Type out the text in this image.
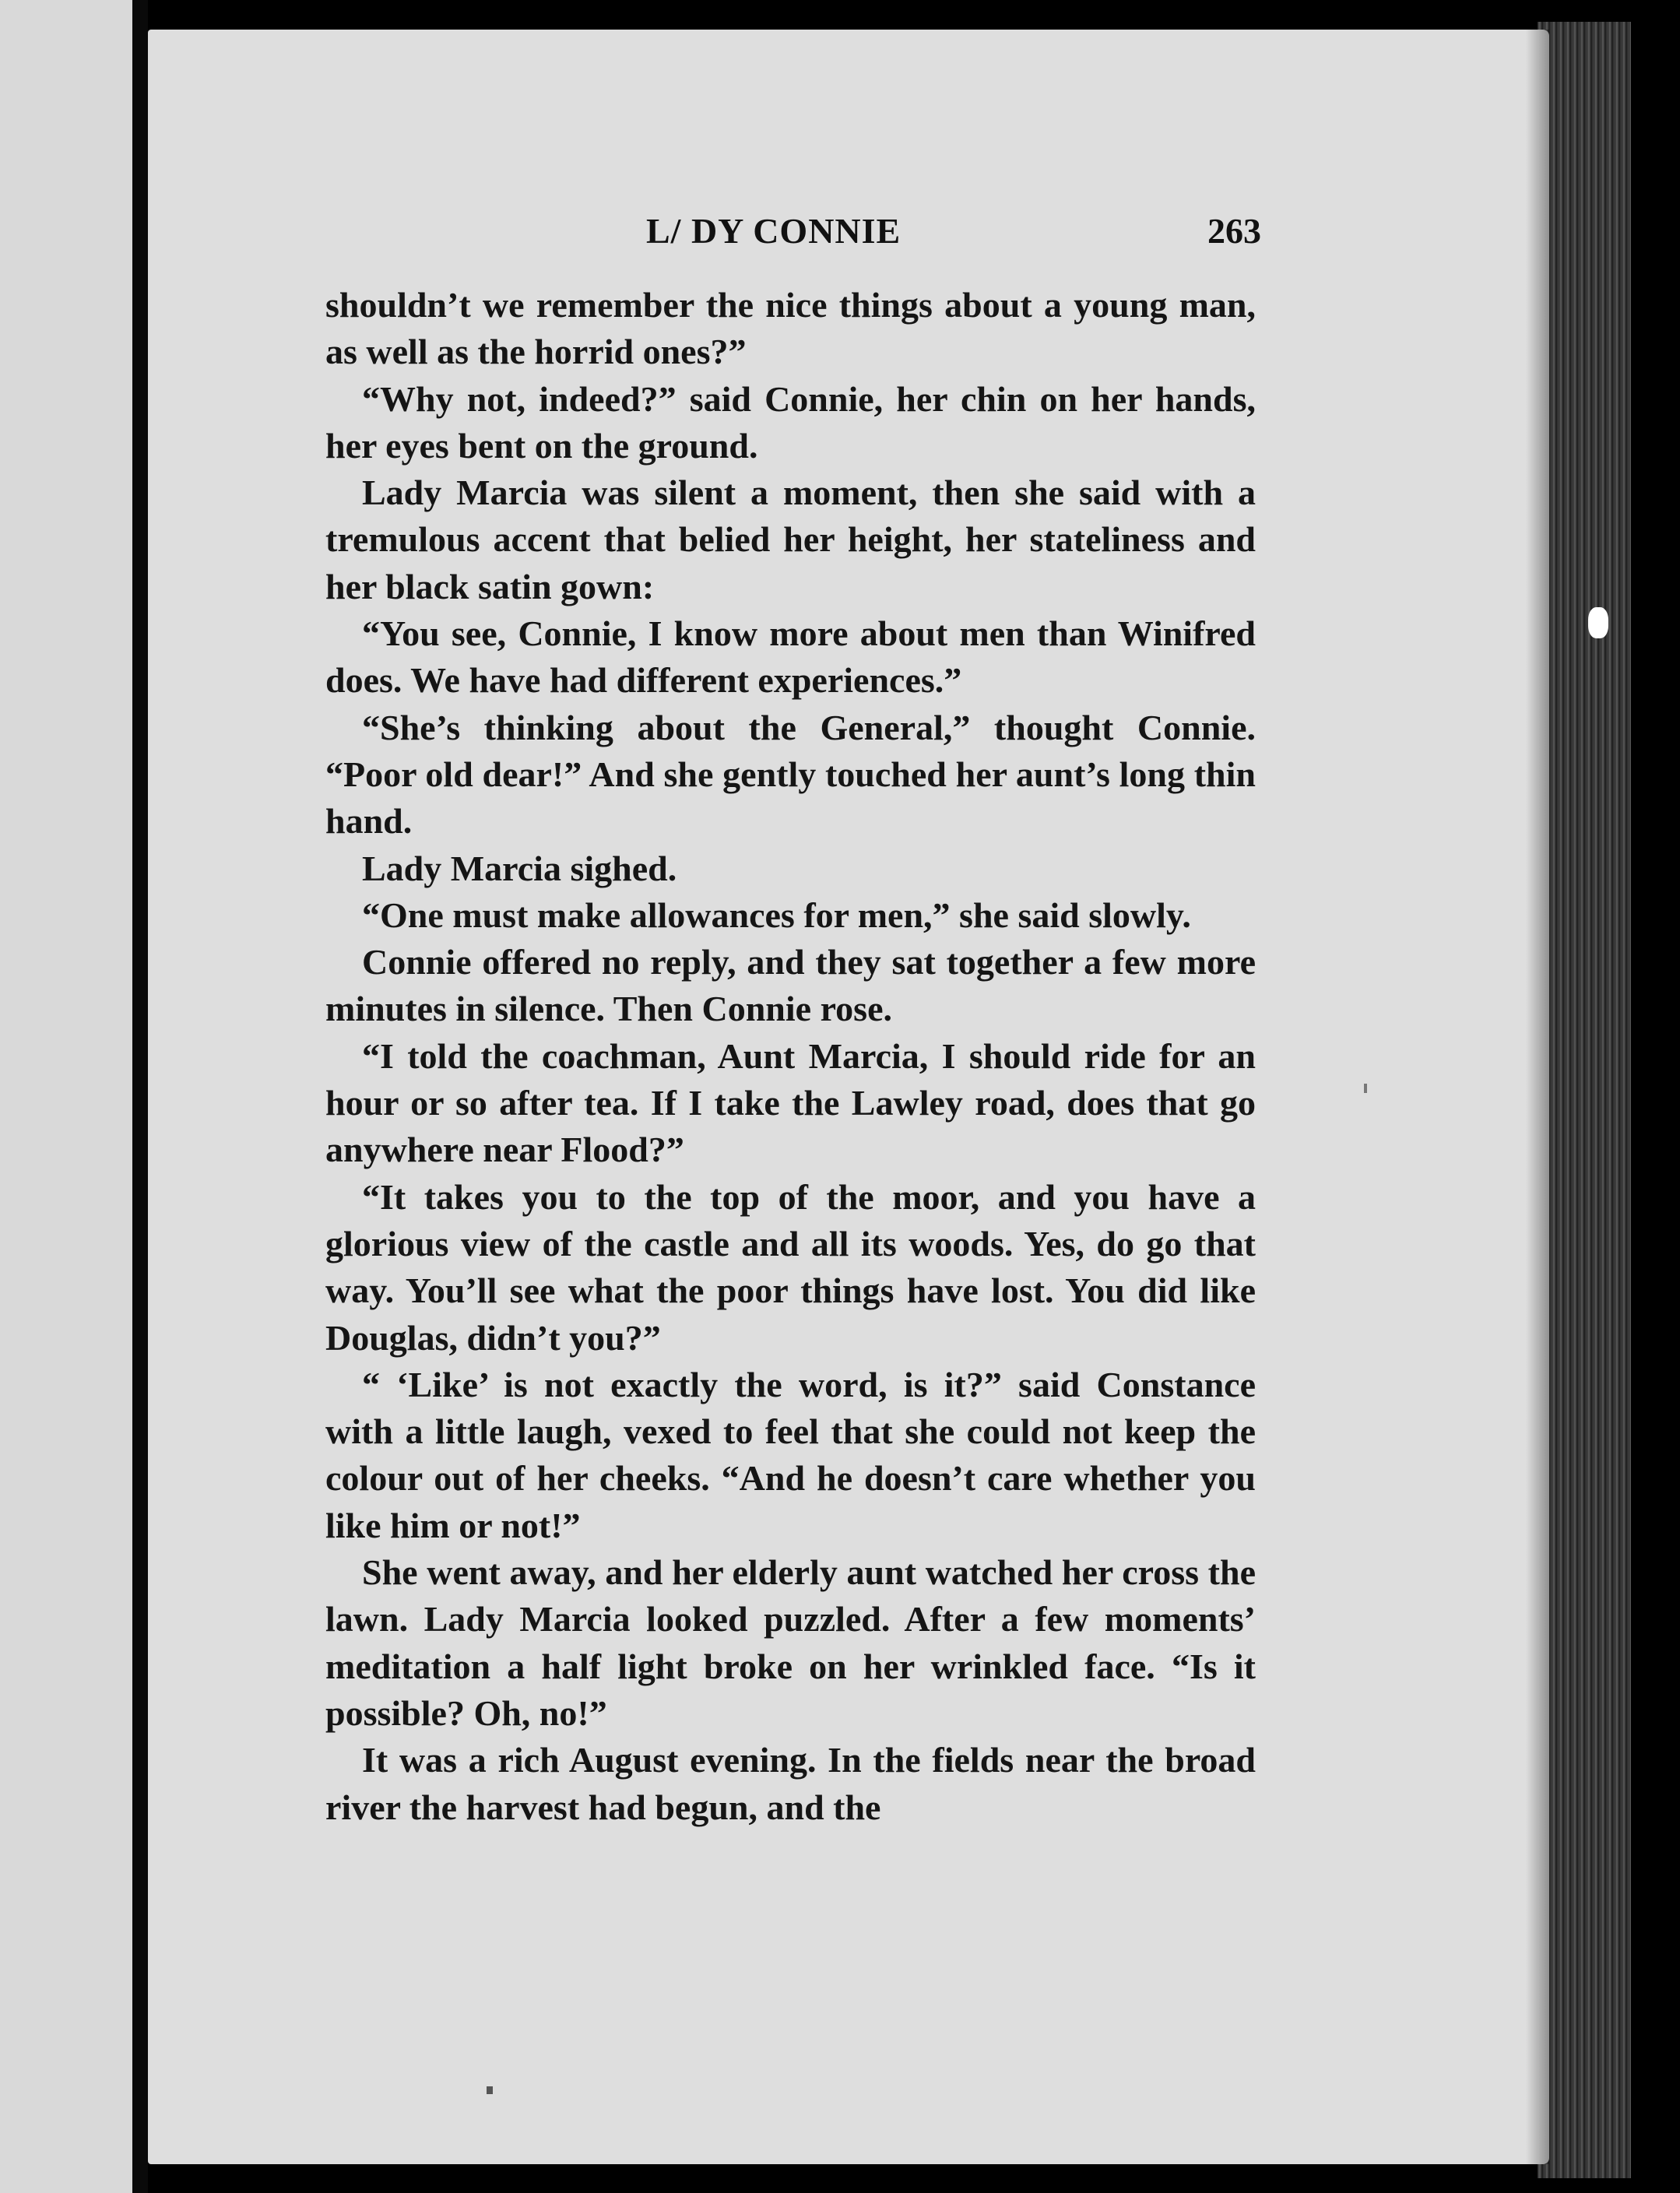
L/ DY CONNIE	263

shouldn’t we remember the nice things about a young man, as well as the horrid ones?”

“Why not, indeed?” said Connie, her chin on her hands, her eyes bent on the ground.

Lady Marcia was silent a moment, then she said with a tremulous accent that belied her height, her stateliness and her black satin gown:

“You see, Connie, I know more about men than Winifred does. We have had different experiences.”

“She’s thinking about the General,” thought Connie. “Poor old dear!” And she gently touched her aunt’s long thin hand.

Lady Marcia sighed.

“One must make allowances for men,” she said slowly.

Connie offered no reply, and they sat together a few more minutes in silence. Then Connie rose.

“I told the coachman, Aunt Marcia, I should ride for an hour or so after tea. If I take the Lawley road, does that go anywhere near Flood?”

“It takes you to the top of the moor, and you have a glorious view of the castle and all its woods. Yes, do go that way. You’ll see what the poor things have lost. You did like Douglas, didn’t you?”

“ ‘Like’ is not exactly the word, is it?” said Constance with a little laugh, vexed to feel that she could not keep the colour out of her cheeks. “And he doesn’t care whether you like him or not!”

She went away, and her elderly aunt watched her cross the lawn. Lady Marcia looked puzzled. After a few moments’ meditation a half light broke on her wrinkled face. “Is it possible? Oh, no!”

It was a rich August evening. In the fields near the broad river the harvest had begun, and the
